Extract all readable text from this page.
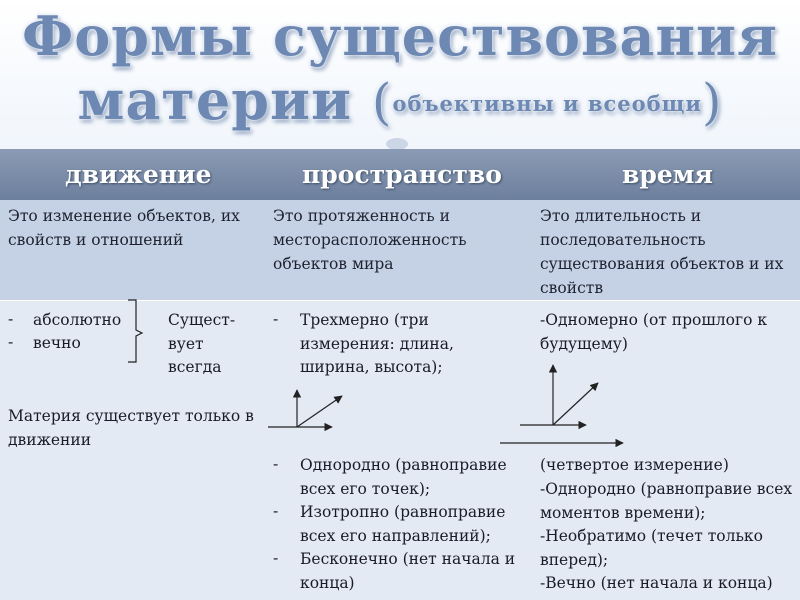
Формы существования
материи (объективны и всеобщи)
движение	пространство	время
Это изменение объектов, их свойств и отношений
Это протяженность и месторасположенность объектов мира
Это длительность и последовательность существования объектов и их свойств
- абсолютно
- вечно
Сущест-
вует
всегда
Материя существует только в движении
- Трехмерно (три измерения: длина, ширина, высота);
- Однородно (равноправие всех его точек);
- Изотропно (равноправие всех его направлений);
- Бесконечно (нет начала и конца)
-Одномерно (от прошлого к будущему)
(четвертое измерение)
-Однородно (равноправие всех моментов времени);
-Необратимо (течет только вперед);
-Вечно (нет начала и конца)
